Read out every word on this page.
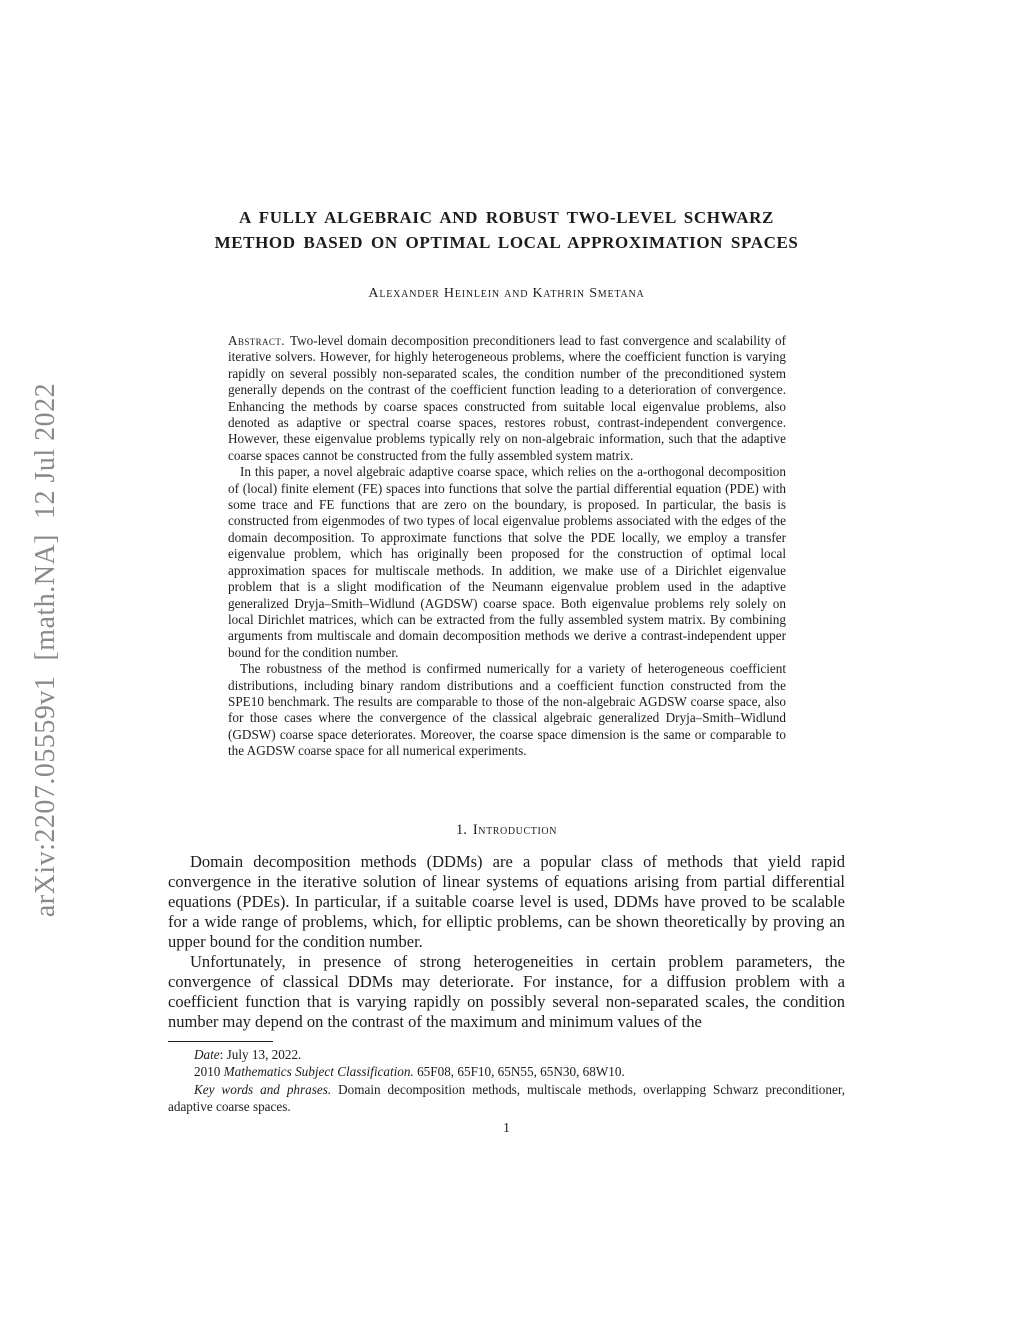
arXiv:2207.05559v1  [math.NA]  12 Jul 2022
A FULLY ALGEBRAIC AND ROBUST TWO-LEVEL SCHWARZ
METHOD BASED ON OPTIMAL LOCAL APPROXIMATION SPACES
Alexander Heinlein and Kathrin Smetana

Abstract. Two-level domain decomposition preconditioners lead to fast convergence and scalability of iterative solvers. However, for highly heterogeneous problems, where the coefficient function is varying rapidly on several possibly non-separated scales, the condition number of the preconditioned system generally depends on the contrast of the coefficient function leading to a deterioration of convergence. Enhancing the methods by coarse spaces constructed from suitable local eigenvalue problems, also denoted as adaptive or spectral coarse spaces, restores robust, contrast-independent convergence. However, these eigenvalue problems typically rely on non-algebraic information, such that the adaptive coarse spaces cannot be constructed from the fully assembled system matrix.

In this paper, a novel algebraic adaptive coarse space, which relies on the a-orthogonal decomposition of (local) finite element (FE) spaces into functions that solve the partial differential equation (PDE) with some trace and FE functions that are zero on the boundary, is proposed. In particular, the basis is constructed from eigenmodes of two types of local eigenvalue problems associated with the edges of the domain decomposition. To approximate functions that solve the PDE locally, we employ a transfer eigenvalue problem, which has originally been proposed for the construction of optimal local approximation spaces for multiscale methods. In addition, we make use of a Dirichlet eigenvalue problem that is a slight modification of the Neumann eigenvalue problem used in the adaptive generalized Dryja–Smith–Widlund (AGDSW) coarse space. Both eigenvalue problems rely solely on local Dirichlet matrices, which can be extracted from the fully assembled system matrix. By combining arguments from multiscale and domain decomposition methods we derive a contrast-independent upper bound for the condition number.

The robustness of the method is confirmed numerically for a variety of heterogeneous coefficient distributions, including binary random distributions and a coefficient function constructed from the SPE10 benchmark. The results are comparable to those of the non-algebraic AGDSW coarse space, also for those cases where the convergence of the classical algebraic generalized Dryja–Smith–Widlund (GDSW) coarse space deteriorates. Moreover, the coarse space dimension is the same or comparable to the AGDSW coarse space for all numerical experiments.

1. Introduction

Domain decomposition methods (DDMs) are a popular class of methods that yield rapid convergence in the iterative solution of linear systems of equations arising from partial differential equations (PDEs). In particular, if a suitable coarse level is used, DDMs have proved to be scalable for a wide range of problems, which, for elliptic problems, can be shown theoretically by proving an upper bound for the condition number.

Unfortunately, in presence of strong heterogeneities in certain problem parameters, the convergence of classical DDMs may deteriorate. For instance, for a diffusion problem with a coefficient function that is varying rapidly on possibly several non-separated scales, the condition number may depend on the contrast of the maximum and minimum values of the

Date: July 13, 2022.

2010 Mathematics Subject Classification. 65F08, 65F10, 65N55, 65N30, 68W10.

Key words and phrases. Domain decomposition methods, multiscale methods, overlapping Schwarz preconditioner, adaptive coarse spaces.

1
